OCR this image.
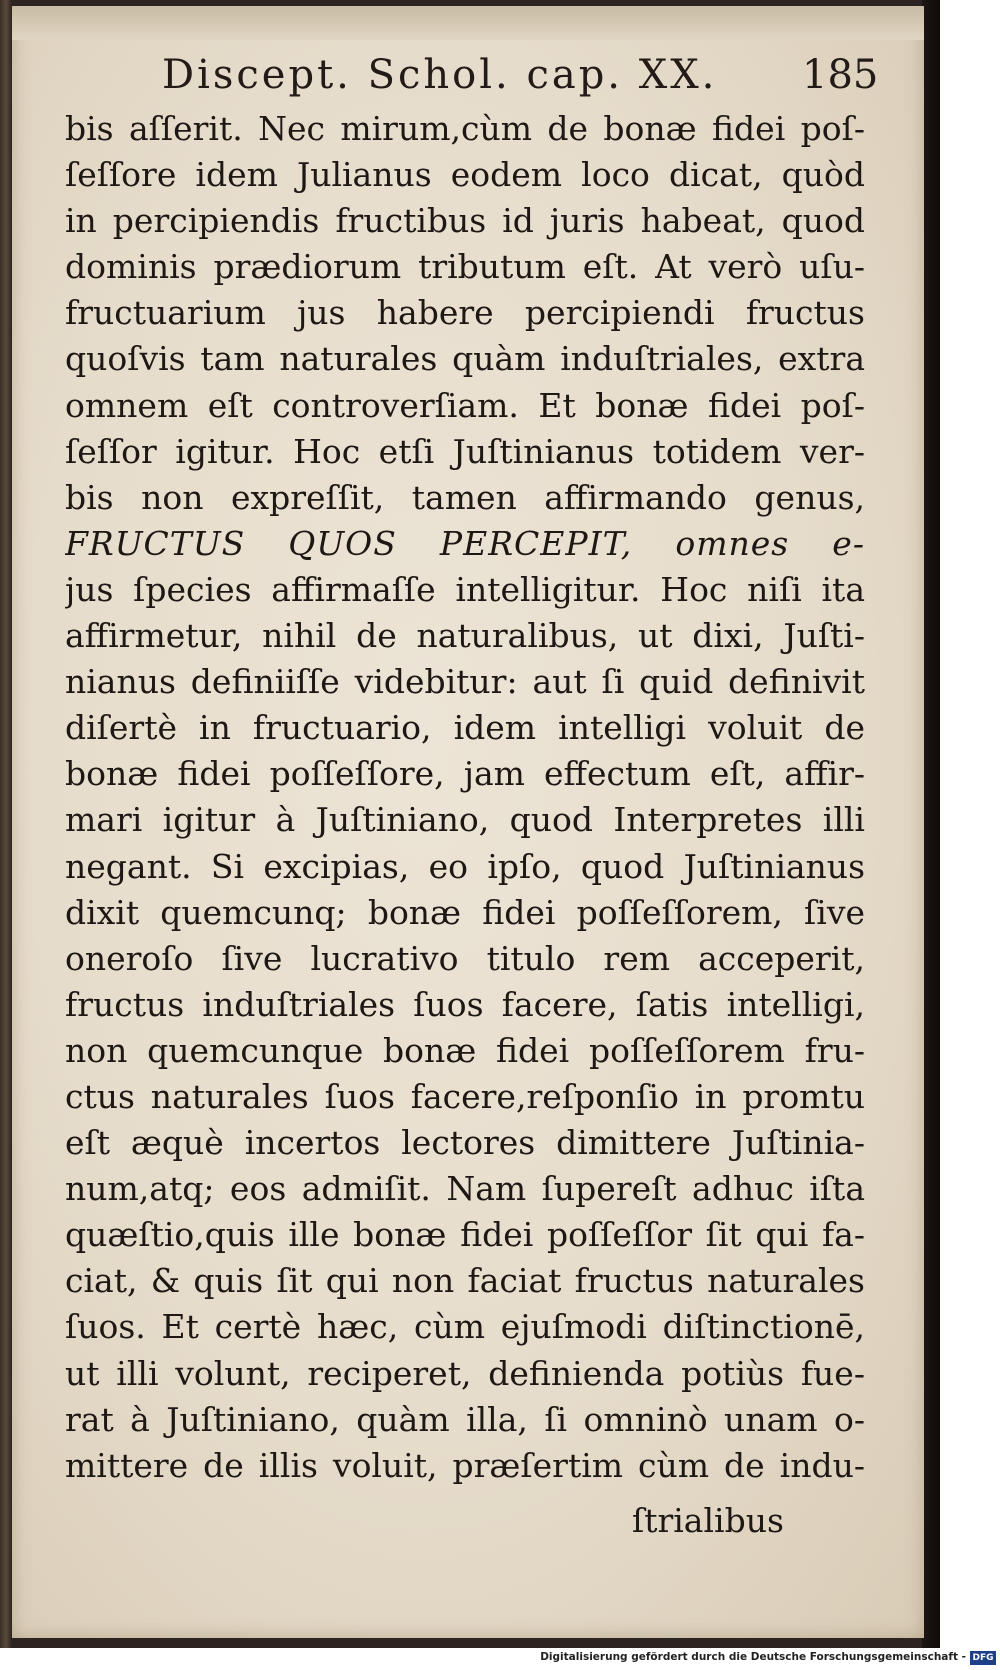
Discept. Schol. cap. XX. 185
bis aſſerit. Nec mirum,cùm de bonæ fidei poſ-
ſeſſore idem Julianus eodem loco dicat, quòd
in percipiendis fructibus id juris habeat, quod
dominis prædiorum tributum eſt. At verò uſu-
fructuarium jus habere percipiendi fructus
quoſvis tam naturales quàm induſtriales, extra
omnem eſt controverſiam. Et bonæ fidei poſ-
ſeſſor igitur. Hoc etſi Juſtinianus totidem ver-
bis non expreſſit, tamen affirmando genus,
FRUCTUS QUOS PERCEPIT, omnes e-
jus ſpecies affirmaſſe intelligitur. Hoc niſi ita
affirmetur, nihil de naturalibus, ut dixi, Juſti-
nianus definiiſſe videbitur: aut ſi quid definivit
diſertè in fructuario, idem intelligi voluit de
bonæ fidei poſſeſſore, jam effectum eſt, affir-
mari igitur à Juſtiniano, quod Interpretes illi
negant. Si excipias, eo ipſo, quod Juſtinianus
dixit quemcunq; bonæ fidei poſſeſſorem, ſive
oneroſo ſive lucrativo titulo rem acceperit,
fructus induſtriales ſuos facere, ſatis intelligi,
non quemcunque bonæ fidei poſſeſſorem fru-
ctus naturales ſuos facere,reſponſio in promtu
eſt æquè incertos lectores dimittere Juſtinia-
num,atq; eos admiſit. Nam ſupereſt adhuc iſta
quæſtio,quis ille bonæ fidei poſſeſſor ſit qui fa-
ciat, & quis ſit qui non faciat fructus naturales
ſuos. Et certè hæc, cùm ejuſmodi diſtinctionē,
ut illi volunt, reciperet, definienda potiùs fue-
rat à Juſtiniano, quàm illa, ſi omninò unam o-
mittere de illis voluit, præſertim cùm de indu-
ſtrialibus
Digitalisierung gefördert durch die Deutsche Forschungsgemeinschaft - DFG
